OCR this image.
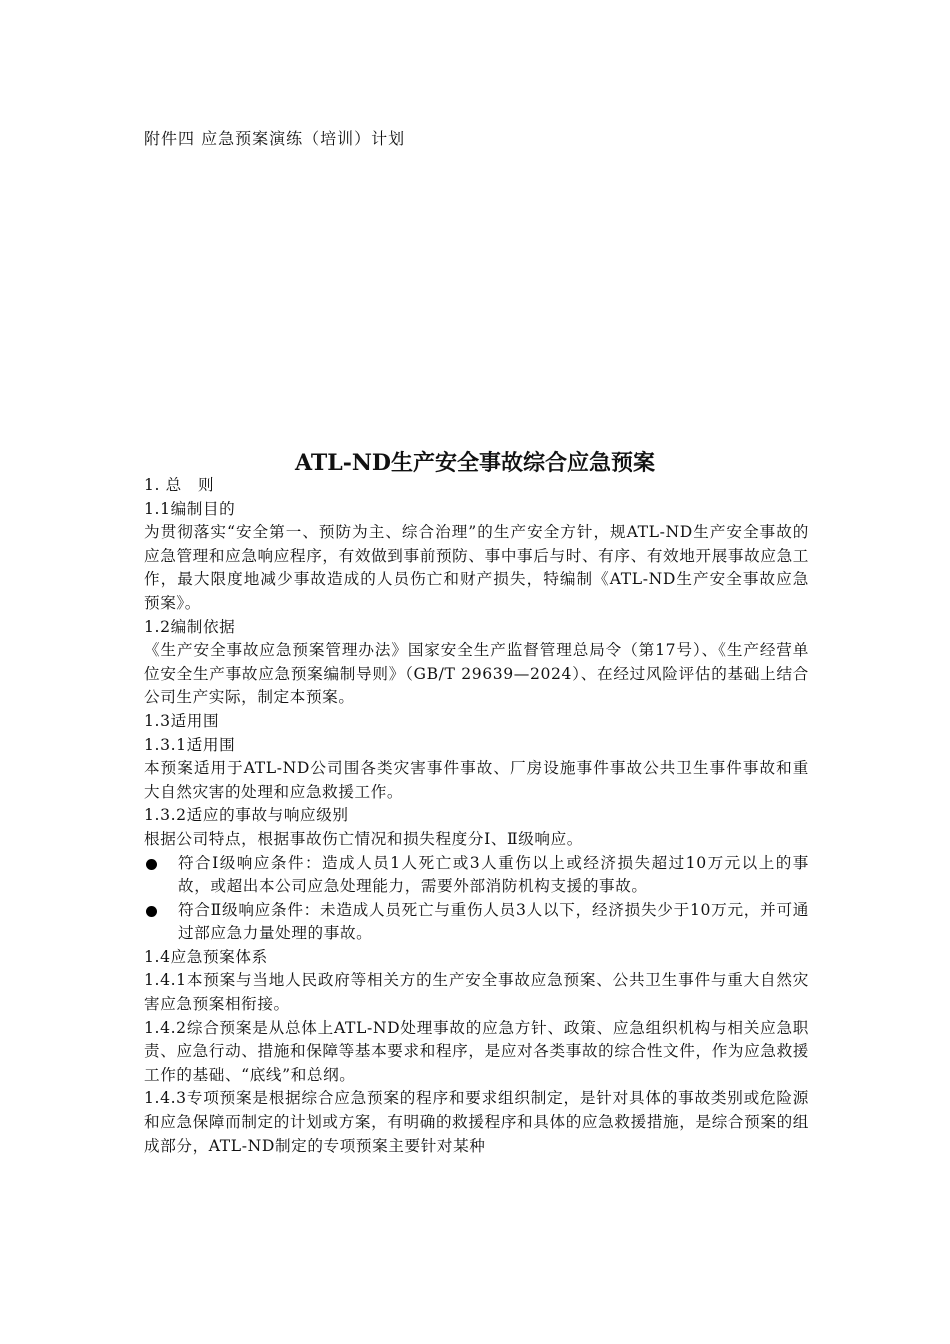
附件四 应急预案演练（培训）计划
ATL-ND生产安全事故综合应急预案

1. 总　则

1.1编制目的

为贯彻落实“安全第一、预防为主、综合治理”的生产安全方针，规ATL-ND生产安全事故的应急管理和应急响应程序，有效做到事前预防、事中事后与时、有序、有效地开展事故应急工作，最大限度地减少事故造成的人员伤亡和财产损失，特编制《ATL-ND生产安全事故应急预案》。

1.2编制依据

《生产安全事故应急预案管理办法》国家安全生产监督管理总局令（第17号）、《生产经营单位安全生产事故应急预案编制导则》（GB/T 29639—2024）、在经过风险评估的基础上结合公司生产实际，制定本预案。

1.3适用围

1.3.1适用围

本预案适用于ATL-ND公司围各类灾害事件事故、厂房设施事件事故公共卫生事件事故和重大自然灾害的处理和应急救援工作。

1.3.2适应的事故与响应级别

根据公司特点，根据事故伤亡情况和损失程度分Ⅰ、Ⅱ级响应。

符合Ⅰ级响应条件：造成人员1人死亡或3人重伤以上或经济损失超过10万元以上的事故，或超出本公司应急处理能力，需要外部消防机构支援的事故。

符合Ⅱ级响应条件：未造成人员死亡与重伤人员3人以下，经济损失少于10万元，并可通过部应急力量处理的事故。

1.4应急预案体系

1.4.1本预案与当地人民政府等相关方的生产安全事故应急预案、公共卫生事件与重大自然灾害应急预案相衔接。

1.4.2综合预案是从总体上ATL-ND处理事故的应急方针、政策、应急组织机构与相关应急职责、应急行动、措施和保障等基本要求和程序，是应对各类事故的综合性文件，作为应急救援工作的基础、“底线”和总纲。

1.4.3专项预案是根据综合应急预案的程序和要求组织制定，是针对具体的事故类别或危险源和应急保障而制定的计划或方案，有明确的救援程序和具体的应急救援措施，是综合预案的组成部分，ATL-ND制定的专项预案主要针对某种
